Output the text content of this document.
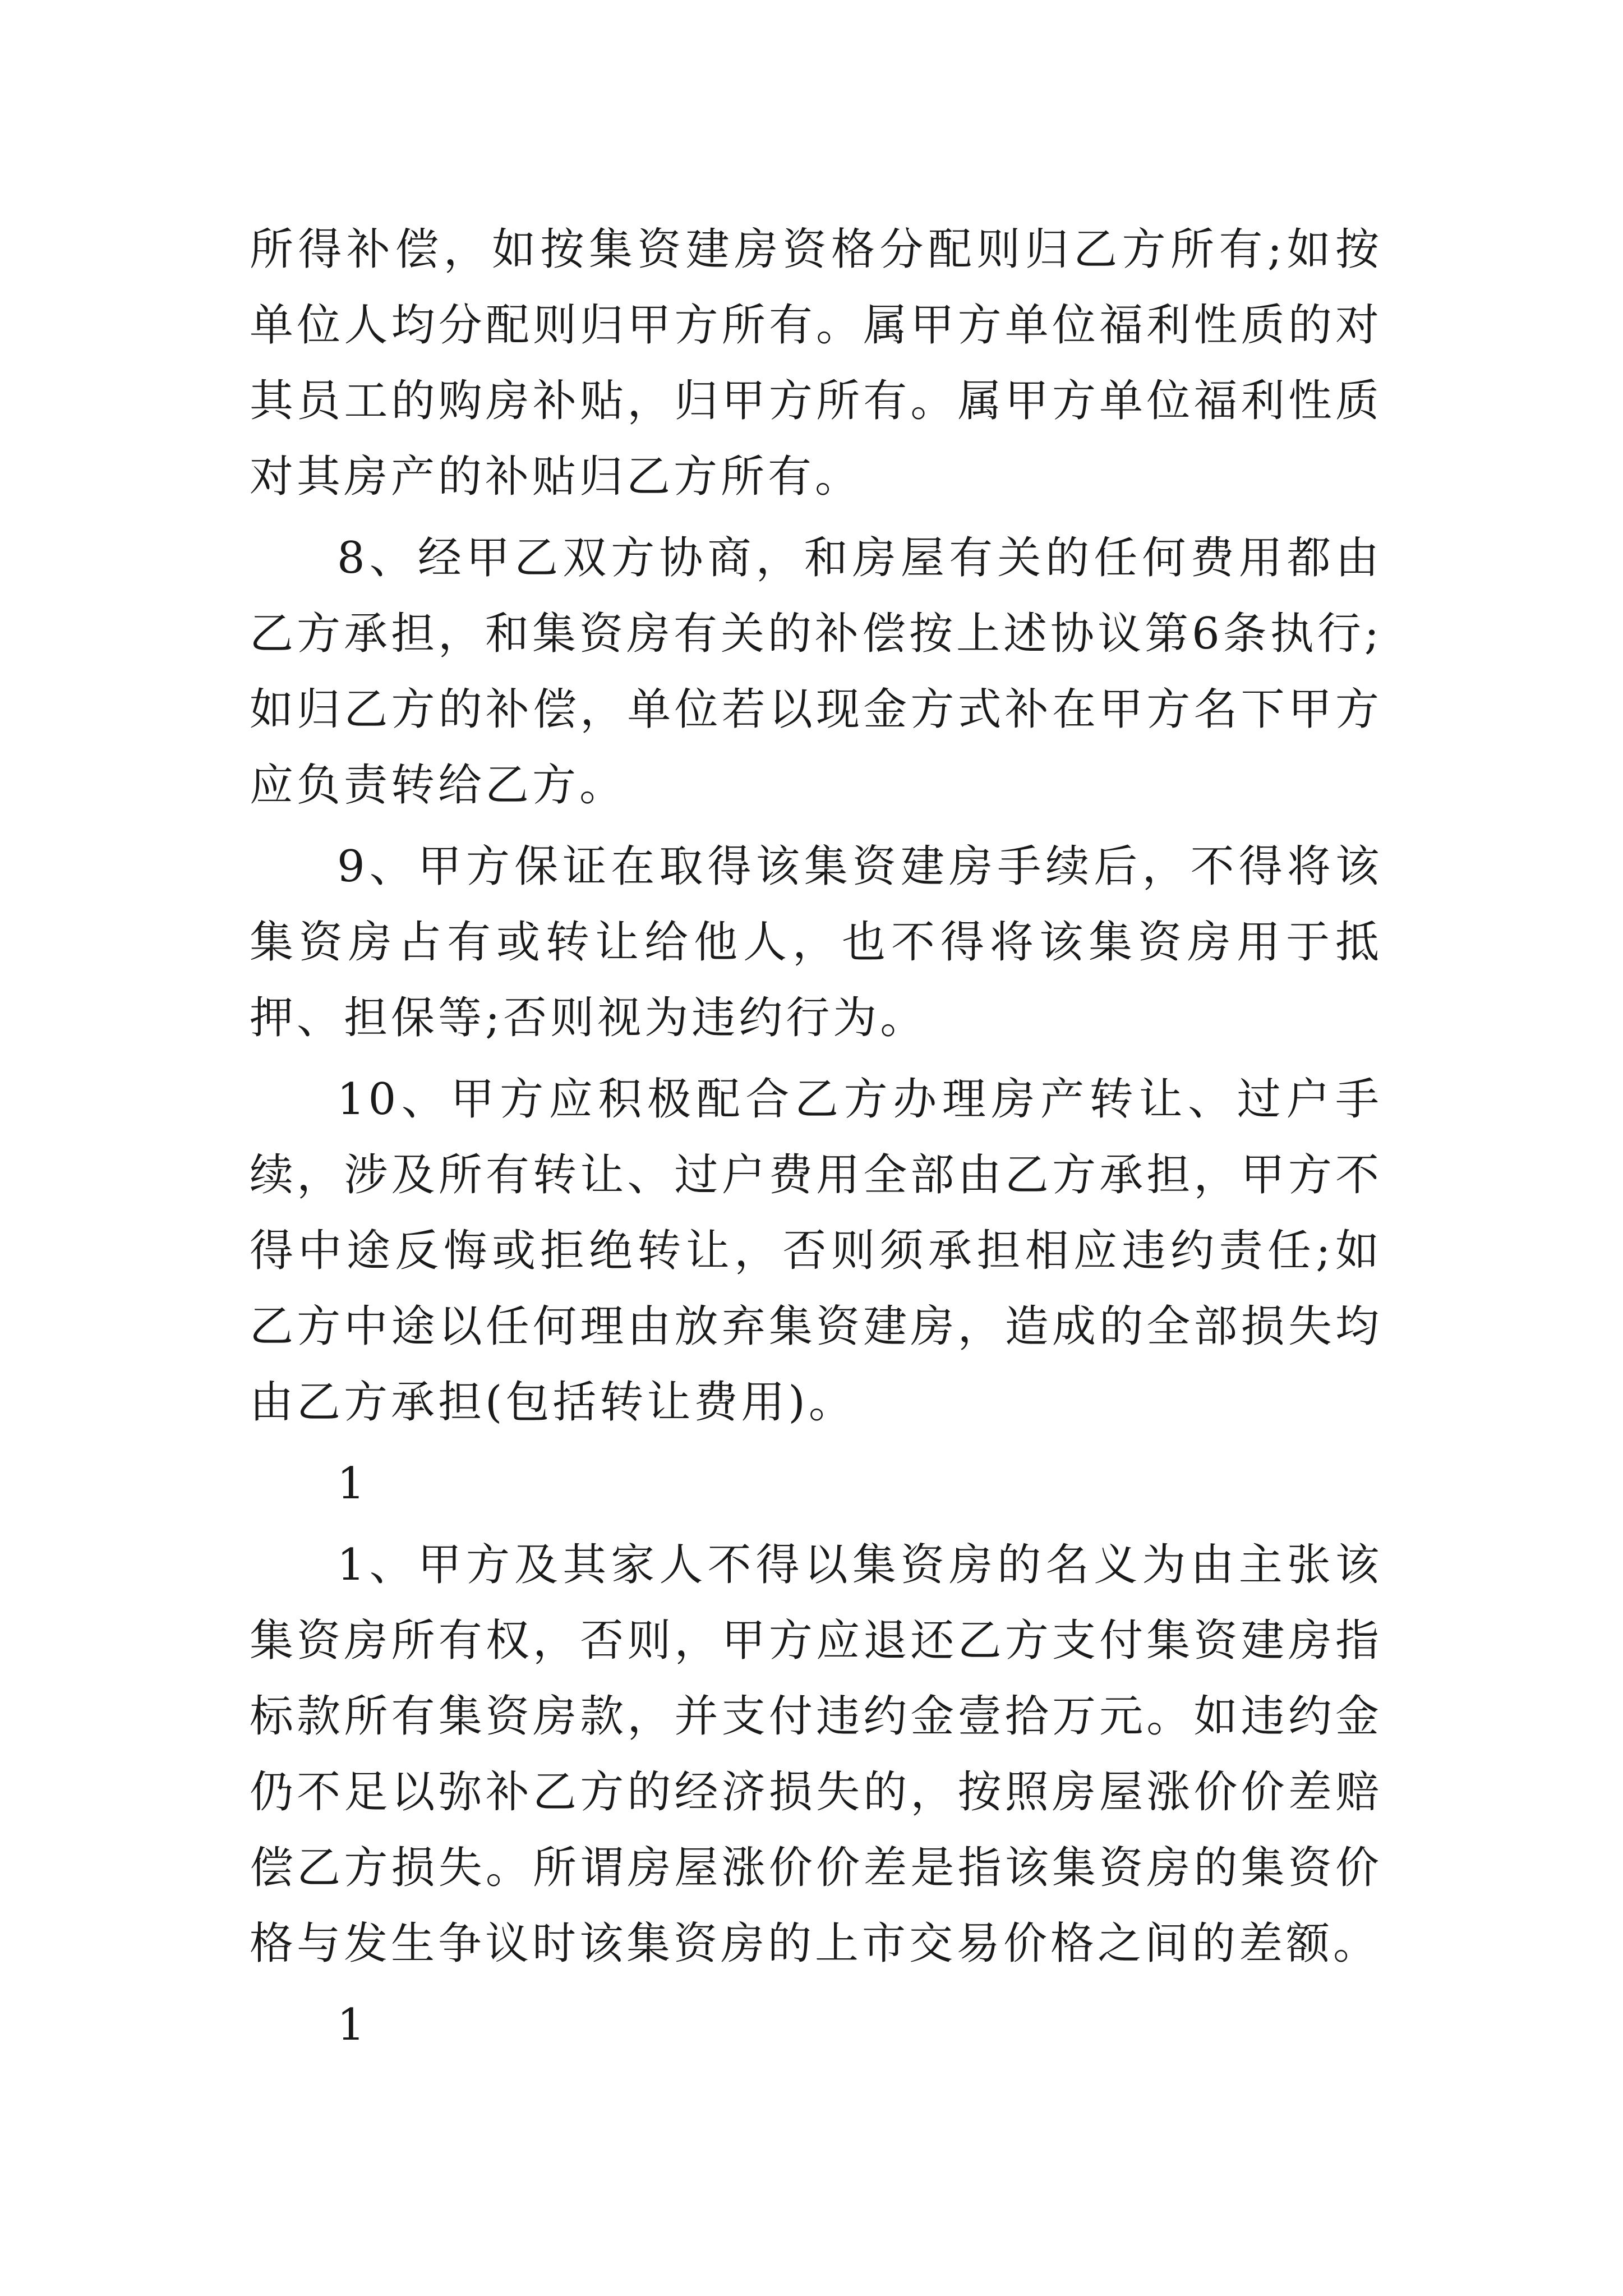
所得补偿，如按集资建房资格分配则归乙方所有;如按单位人均分配则归甲方所有。属甲方单位福利性质的对其员工的购房补贴，归甲方所有。属甲方单位福利性质对其房产的补贴归乙方所有。

8、经甲乙双方协商，和房屋有关的任何费用都由乙方承担，和集资房有关的补偿按上述协议第6条执行;如归乙方的补偿，单位若以现金方式补在甲方名下甲方应负责转给乙方。

9、甲方保证在取得该集资建房手续后，不得将该集资房占有或转让给他人，也不得将该集资房用于抵押、担保等;否则视为违约行为。

10、甲方应积极配合乙方办理房产转让、过户手续，涉及所有转让、过户费用全部由乙方承担，甲方不得中途反悔或拒绝转让，否则须承担相应违约责任;如乙方中途以任何理由放弃集资建房，造成的全部损失均由乙方承担(包括转让费用)。

1

1、甲方及其家人不得以集资房的名义为由主张该集资房所有权，否则，甲方应退还乙方支付集资建房指标款所有集资房款，并支付违约金壹拾万元。如违约金仍不足以弥补乙方的经济损失的，按照房屋涨价价差赔偿乙方损失。所谓房屋涨价价差是指该集资房的集资价格与发生争议时该集资房的上市交易价格之间的差额。

1
